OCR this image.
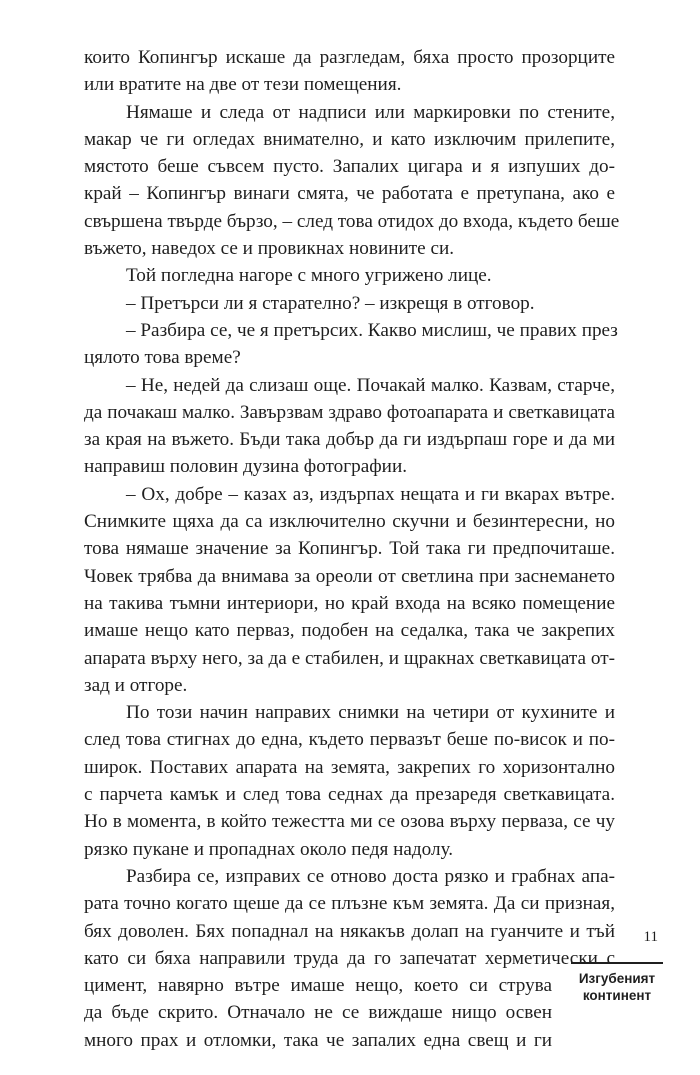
които Копингър искаше да разгледам, бяха просто прозорците
или вратите на две от тези помещения.
Нямаше и следа от надписи или маркировки по стените,
макар че ги огледах внимателно, и като изключим прилепите,
мястото беше съвсем пусто. Запалих цигара и я изпуших до-
край – Копингър винаги смята, че работата е претупана, ако е
свършена твърде бързо, – след това отидох до входа, където беше
въжето, наведох се и провикнах новините си.
Той погледна нагоре с много угрижено лице.
– Претърси ли я старателно? – изкрещя в отговор.
– Разбира се, че я претърсих. Какво мислиш, че правих през
цялото това време?
– Не, недей да слизаш още. Почакай малко. Казвам, старче,
да почакаш малко. Завързвам здраво фотоапарата и светкавицата
за края на въжето. Бъди така добър да ги издърпаш горе и да ми
направиш половин дузина фотографии.
– Ох, добре – казах аз, издърпах нещата и ги вкарах вътре.
Снимките щяха да са изключително скучни и безинтересни, но
това нямаше значение за Копингър. Той така ги предпочиташе.
Човек трябва да внимава за ореоли от светлина при заснемането
на такива тъмни интериори, но край входа на всяко помещение
имаше нещо като перваз, подобен на седалка, така че закрепих
апарата върху него, за да е стабилен, и щракнах светкавицата от-
зад и отгоре.
По този начин направих снимки на четири от кухините и
след това стигнах до една, където первазът беше по-висок и по-
широк. Поставих апарата на земята, закрепих го хоризонтално
с парчета камък и след това седнах да презаредя светкавицата.
Но в момента, в който тежестта ми се озова върху перваза, се чу
рязко пукане и пропаднах около педя надолу.
Разбира се, изправих се отново доста рязко и грабнах апа-
рата точно когато щеше да се плъзне към земята. Да си призная,
бях доволен. Бях попаднал на някакъв долап на гуанчите и тъй
като си бяха направили труда да го запечатат херметически с
цимент, навярно вътре имаше нещо, което си струва
да бъде скрито. Отначало не се виждаше нищо освен
много прах и отломки, така че запалих една свещ и ги
11
Изгубеният
континент
